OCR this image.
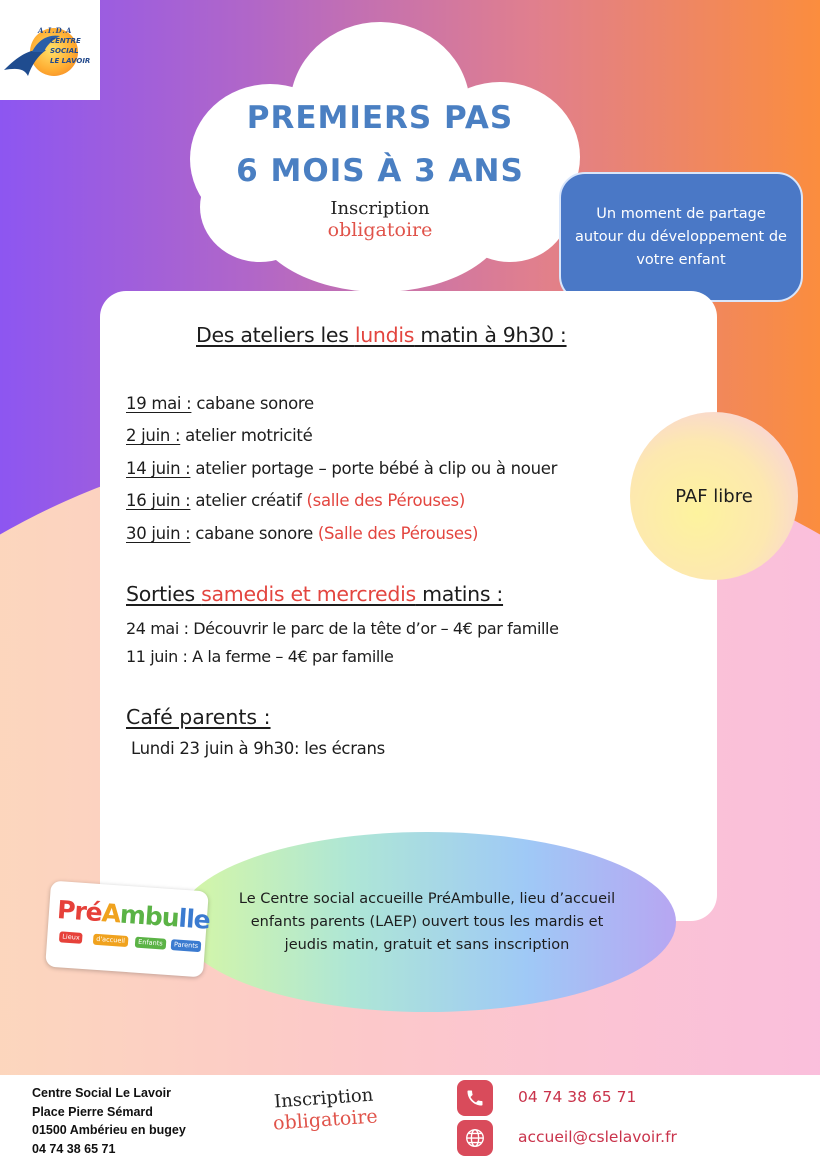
A.I.D.A
CENTRE
SOCIAL
LE LAVOIR
PREMIERS PAS
6 MOIS À 3 ANS
Inscription
obligatoire
Un moment de partage autour du développement de votre enfant
Des ateliers les lundis matin à 9h30 :
19 mai : cabane sonore
2 juin : atelier motricité
14 juin : atelier portage – porte bébé à clip ou à nouer
16 juin : atelier créatif (salle des Pérouses)
30 juin : cabane sonore (Salle des Pérouses)
PAF libre
Sorties samedis et mercredis matins :
24 mai : Découvrir le parc de la tête d’or – 4€ par famille
11 juin : A la ferme – 4€ par famille
Café parents :
Lundi 23 juin à 9h30: les écrans
Le Centre social accueille PréAmbulle, lieu d’accueil enfants parents (LAEP) ouvert tous les mardis et jeudis matin, gratuit et sans inscription
PréAmbulle
Lieux	d'accueil	Enfants	Parents
Centre Social Le Lavoir
Place Pierre Sémard
01500 Ambérieu en bugey
04 74 38 65 71
Inscription
obligatoire
04 74 38 65 71
accueil@cslelavoir.fr
